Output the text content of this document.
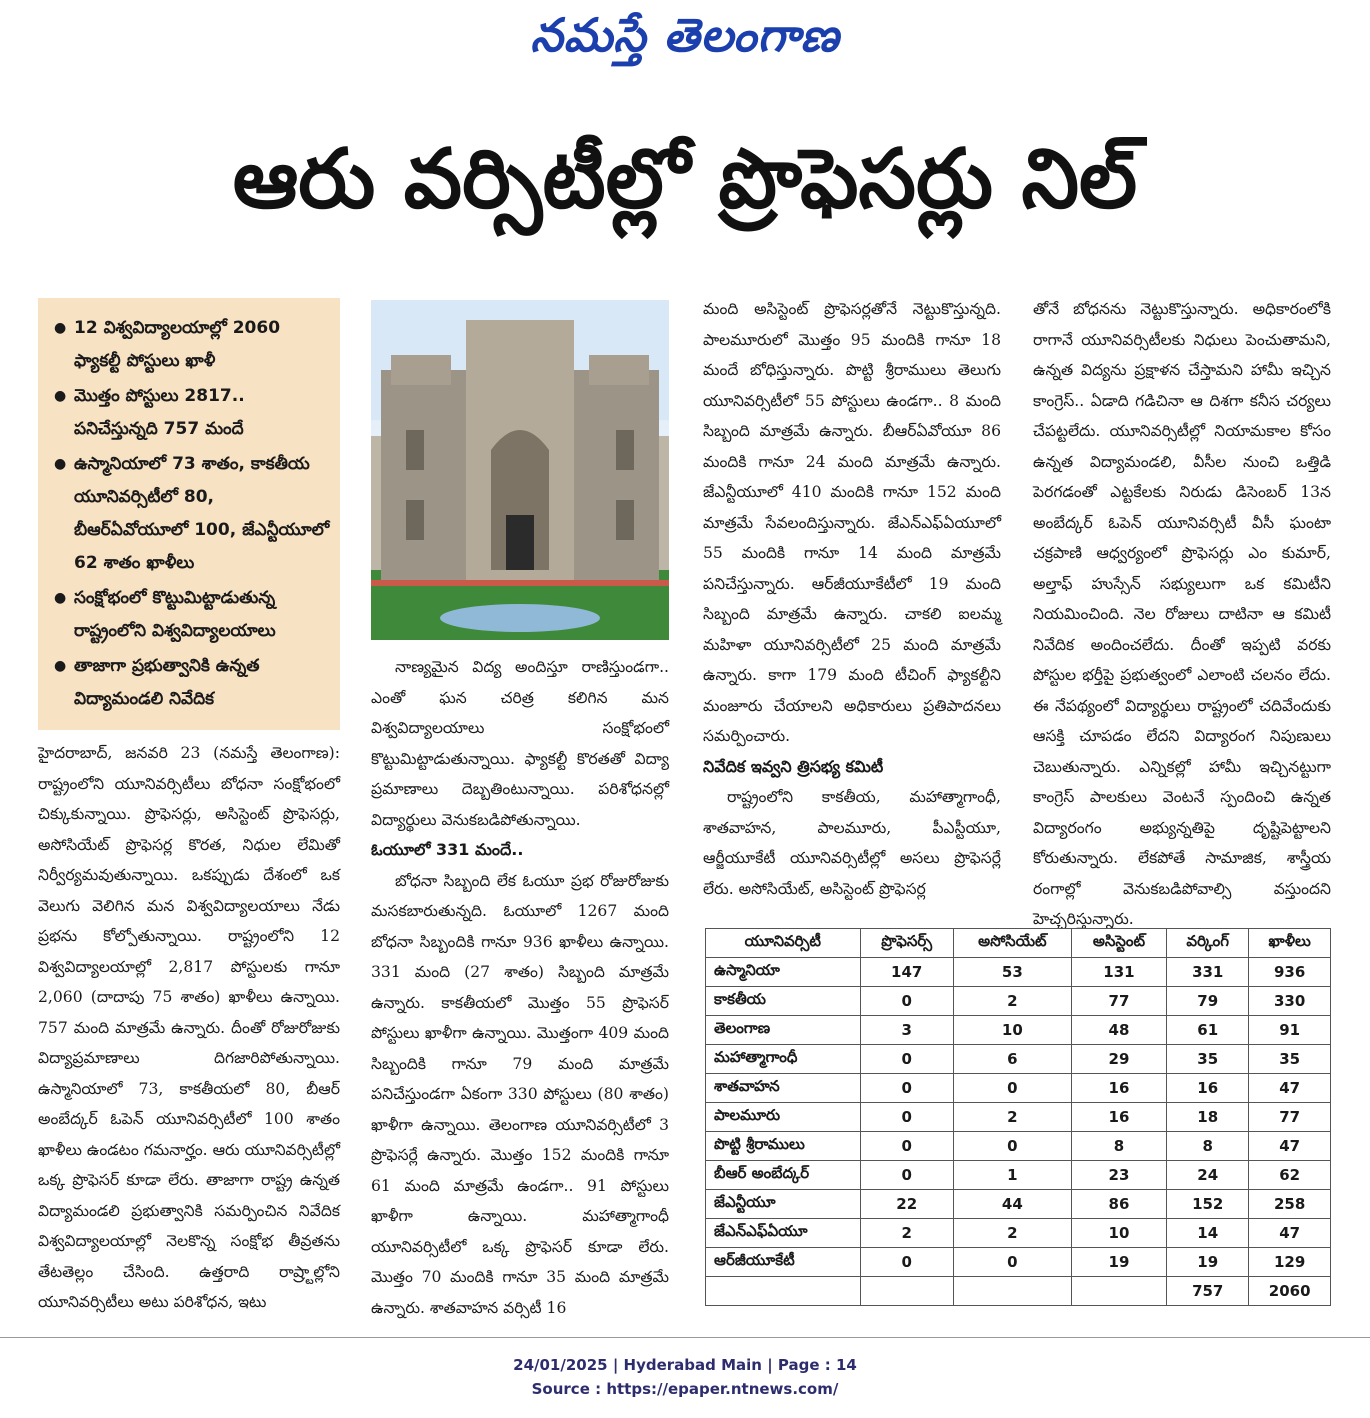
నమస్తే తెలంగాణ
ఆరు వర్సిటీల్లో ప్రొఫెసర్లు నిల్
● 12 విశ్వవిద్యాలయాల్లో 2060 ఫ్యాకల్టీ పోస్టులు ఖాళీ
● మొత్తం పోస్టులు 2817.. పనిచేస్తున్నది 757 మందే
● ఉస్మానియాలో 73 శాతం, కాకతీయ యూనివర్సిటీలో 80, బీఆర్‌ఏవోయూలో 100, జేఎన్టీయూలో 62 శాతం ఖాళీలు
● సంక్షోభంలో కొట్టుమిట్టాడుతున్న రాష్ట్రంలోని విశ్వవిద్యాలయాలు
● తాజాగా ప్రభుత్వానికి ఉన్నత విద్యామండలి నివేదిక

హైదరాబాద్, జనవరి 23 (నమస్తే తెలంగాణ): రాష్ట్రంలోని యూనివర్సిటీలు బోధనా సంక్షోభంలో చిక్కుకున్నాయి. ప్రొఫెసర్లు, అసిస్టెంట్ ప్రొఫెసర్లు, అసోసియేట్ ప్రొఫెసర్ల కొరత, నిధుల లేమితో నిర్వీర్యమవుతున్నాయి. ఒకప్పుడు దేశంలో ఒక వెలుగు వెలిగిన మన విశ్వవిద్యాలయాలు నేడు ప్రభను కోల్పోతున్నాయి. రాష్ట్రంలోని 12 విశ్వవిద్యాలయాల్లో 2,817 పోస్టులకు గానూ 2,060 (దాదాపు 75 శాతం) ఖాళీలు ఉన్నాయి. 757 మంది మాత్రమే ఉన్నారు. దీంతో రోజురోజుకు విద్యాప్రమాణాలు దిగజారిపోతున్నాయి. ఉస్మానియాలో 73, కాకతీయలో 80, బీఆర్ అంబేద్కర్ ఓపెన్ యూనివర్సిటీలో 100 శాతం ఖాళీలు ఉండటం గమనార్హం. ఆరు యూనివర్సిటీల్లో ఒక్క ప్రొఫెసర్ కూడా లేరు. తాజాగా రాష్ట్ర ఉన్నత విద్యామండలి ప్రభుత్వానికి సమర్పించిన నివేదిక విశ్వవిద్యాలయాల్లో నెలకొన్న సంక్షోభ తీవ్రతను తేటతెల్లం చేసింది. ఉత్తరాది రాష్ర్టాల్లోని యూనివర్సిటీలు అటు పరిశోధన, ఇటు

నాణ్యమైన విద్య అందిస్తూ రాణిస్తుండగా.. ఎంతో ఘన చరిత్ర కలిగిన మన విశ్వవిద్యాలయాలు సంక్షోభంలో కొట్టుమిట్టాడుతున్నాయి. ఫ్యాకల్టీ కొరతతో విద్యా ప్రమాణాలు దెబ్బతింటున్నాయి. పరిశోధనల్లో విద్యార్థులు వెనుకబడిపోతున్నాయి.

ఓయూలో 331 మందే..

బోధనా సిబ్బంది లేక ఓయూ ప్రభ రోజురోజుకు మసకబారుతున్నది. ఓయూలో 1267 మంది బోధనా సిబ్బందికి గానూ 936 ఖాళీలు ఉన్నాయి. 331 మంది (27 శాతం) సిబ్బంది మాత్రమే ఉన్నారు. కాకతీయలో మొత్తం 55 ప్రొఫెసర్ పోస్టులు ఖాళీగా ఉన్నాయి. మొత్తంగా 409 మంది సిబ్బందికి గానూ 79 మంది మాత్రమే పనిచేస్తుండగా ఏకంగా 330 పోస్టులు (80 శాతం) ఖాళీగా ఉన్నాయి. తెలంగాణ యూనివర్సిటీలో 3 ప్రొఫెసర్లే ఉన్నారు. మొత్తం 152 మందికి గానూ 61 మంది మాత్రమే ఉండగా.. 91 పోస్టులు ఖాళీగా ఉన్నాయి. మహాత్మాగాంధీ యూనివర్సిటీలో ఒక్క ప్రొఫెసర్ కూడా లేరు. మొత్తం 70 మందికి గానూ 35 మంది మాత్రమే ఉన్నారు. శాతవాహన వర్సిటీ 16

మంది అసిస్టెంట్ ప్రొఫెసర్లతోనే నెట్టుకొస్తున్నది. పాలమూరులో మొత్తం 95 మందికి గానూ 18 మందే బోధిస్తున్నారు. పొట్టి శ్రీరాములు తెలుగు యూనివర్సిటీలో 55 పోస్టులు ఉండగా.. 8 మంది సిబ్బంది మాత్రమే ఉన్నారు. బీఆర్‌ఏవోయూ 86 మందికి గానూ 24 మంది మాత్రమే ఉన్నారు. జేఎన్టీయూలో 410 మందికి గానూ 152 మంది మాత్రమే సేవలందిస్తున్నారు. జేఎన్‌ఎఫ్‌ఏయూలో 55 మందికి గానూ 14 మంది మాత్రమే పనిచేస్తున్నారు. ఆర్‌జీయూకేటీలో 19 మంది సిబ్బంది మాత్రమే ఉన్నారు. చాకలి ఐలమ్మ మహిళా యూనివర్సిటీలో 25 మంది మాత్రమే ఉన్నారు. కాగా 179 మంది టీచింగ్ ఫ్యాకల్టీని మంజూరు చేయాలని అధికారులు ప్రతిపాదనలు సమర్పించారు.

నివేదిక ఇవ్వని త్రిసభ్య కమిటీ

రాష్ట్రంలోని కాకతీయ, మహాత్మాగాంధీ, శాతవాహన, పాలమూరు, పీఎస్టీయూ, ఆర్జీయూకేటీ యూనివర్సిటీల్లో అసలు ప్రొఫెసర్లే లేరు. అసోసియేట్, అసిస్టెంట్ ప్రొఫెసర్ల

తోనే బోధనను నెట్టుకొస్తున్నారు. అధికారంలోకి రాగానే యూనివర్సిటీలకు నిధులు పెంచుతామని, ఉన్నత విద్యను ప్రక్షాళన చేస్తామని హామీ ఇచ్చిన కాంగ్రెస్.. ఏడాది గడిచినా ఆ దిశగా కనీస చర్యలు చేపట్టలేదు. యూనివర్సిటీల్లో నియామకాల కోసం ఉన్నత విద్యామండలి, వీసీల నుంచి ఒత్తిడి పెరగడంతో ఎట్టకేలకు నిరుడు డిసెంబర్ 13న అంబేద్కర్ ఓపెన్ యూనివర్సిటీ వీసీ ఘంటా చక్రపాణి ఆధ్వర్యంలో ప్రొఫెసర్లు ఎం కుమార్, అల్తాఫ్ హుస్సేన్ సభ్యులుగా ఒక కమిటీని నియమించింది. నెల రోజులు దాటినా ఆ కమిటీ నివేదిక అందించలేదు. దీంతో ఇప్పటి వరకు పోస్టుల భర్తీపై ప్రభుత్వంలో ఎలాంటి చలనం లేదు. ఈ నేపథ్యంలో విద్యార్థులు రాష్ట్రంలో చదివేందుకు ఆసక్తి చూపడం లేదని విద్యారంగ నిపుణులు చెబుతున్నారు. ఎన్నికల్లో హామీ ఇచ్చినట్టుగా కాంగ్రెస్ పాలకులు వెంటనే స్పందించి ఉన్నత విద్యారంగం అభ్యున్నతిపై దృష్టిపెట్టాలని కోరుతున్నారు. లేకపోతే సామాజిక, శాస్త్రీయ రంగాల్లో వెనుకబడిపోవాల్సి వస్తుందని హెచ్చరిస్తున్నారు.

యూనివర్సిటీ	ప్రొఫెసర్స్	అసోసియేట్	అసిస్టెంట్	వర్కింగ్	ఖాళీలు
ఉస్మానియా	147	53	131	331	936
కాకతీయ	0	2	77	79	330
తెలంగాణ	3	10	48	61	91
మహాత్మాగాంధీ	0	6	29	35	35
శాతవాహన	0	0	16	16	47
పాలమూరు	0	2	16	18	77
పొట్టి శ్రీరాములు	0	0	8	8	47
బీఆర్ అంబేద్కర్	0	1	23	24	62
జేఎన్టీయూ	22	44	86	152	258
జేఎన్‌ఎఫ్‌ఏయూ	2	2	10	14	47
ఆర్‌జీయూకేటీ	0	0	19	19	129
				757	2060
24/01/2025 | Hyderabad Main | Page : 14
Source : https://epaper.ntnews.com/
